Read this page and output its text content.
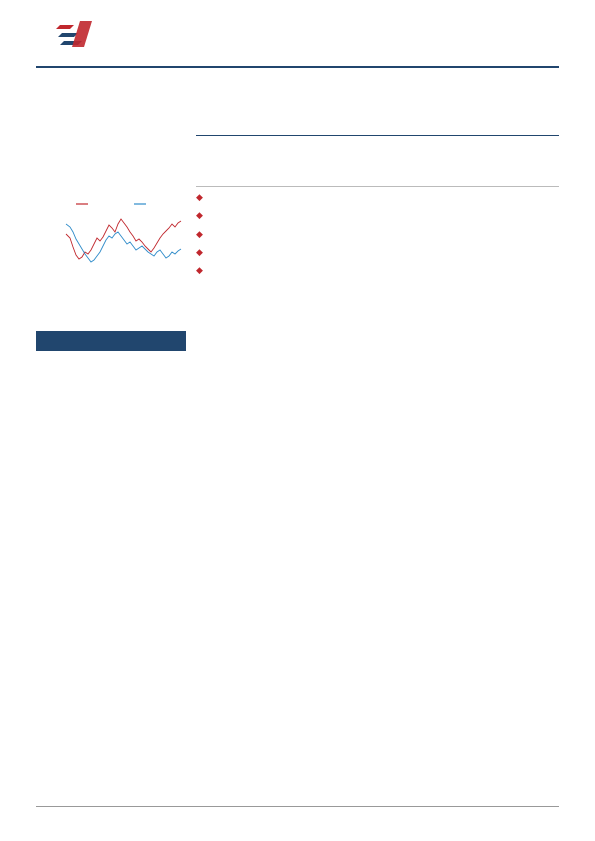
◆

◆

◆

◆

◆
